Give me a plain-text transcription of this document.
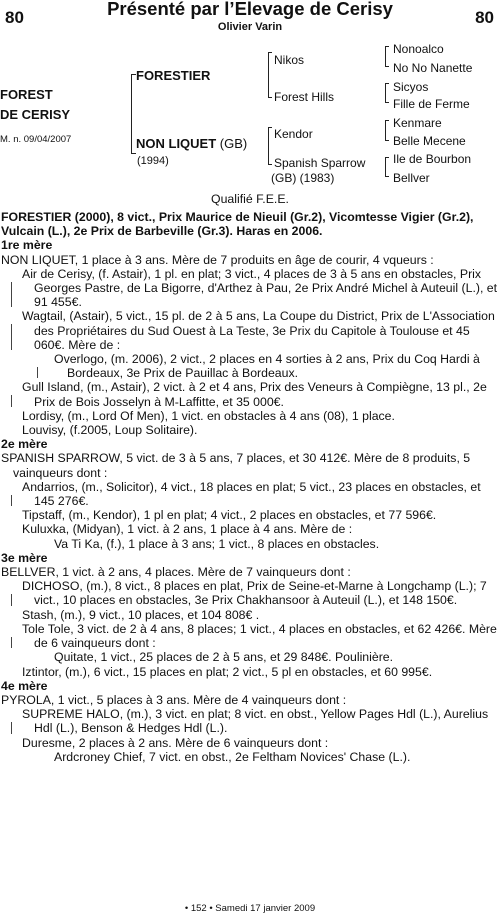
80	80
Présenté par l’Elevage de Cerisy
Olivier Varin
FOREST
DE CERISY
M. n. 09/04/2007
FORESTIER
NON LIQUET (GB)
(1994)
Nikos
Forest Hills
Kendor
Spanish Sparrow
(GB) (1983)
Nonoalco
No No Nanette
Sicyos
Fille de Ferme
Kenmare
Belle Mecene
Ile de Bourbon
Bellver
Qualifié F.E.E.

FORESTIER (2000), 8 vict., Prix Maurice de Nieuil (Gr.2), Vicomtesse Vigier (Gr.2), Vulcain (L.), 2e Prix de Barbeville (Gr.3). Haras en 2006.

1re mère

NON LIQUET, 1 place à 3 ans. Mère de 7 produits en âge de courir, 4 vqueurs :

Air de Cerisy, (f. Astair), 1 pl. en plat; 3 vict., 4 places de 3 à 5 ans en obstacles, Prix Georges Pastre, de La Bigorre, d'Arthez à Pau, 2e Prix André Michel à Auteuil (L.), et 91 455€.

Wagtail, (Astair), 5 vict., 15 pl. de 2 à 5 ans, La Coupe du District, Prix de L'Association des Propriétaires du Sud Ouest à La Teste, 3e Prix du Capitole à Toulouse et 45 060€. Mère de :

Overlogo, (m. 2006), 2 vict., 2 places en 4 sorties à 2 ans, Prix du Coq Hardi à Bordeaux, 3e Prix de Pauillac à Bordeaux.

Gull Island, (m., Astair), 2 vict. à 2 et 4 ans, Prix des Veneurs à Compiègne, 13 pl., 2e Prix de Bois Josselyn à M-Laffitte, et 35 000€.

Lordisy, (m., Lord Of Men), 1 vict. en obstacles à 4 ans (08), 1 place.

Louvisy, (f.2005, Loup Solitaire).

2e mère

SPANISH SPARROW, 5 vict. de 3 à 5 ans, 7 places, et 30 412€. Mère de 8 produits, 5 vainqueurs dont :

Andarrios, (m., Solicitor), 4 vict., 18 places en plat; 5 vict., 23 places en obstacles, et 145 276€.

Tipstaff, (m., Kendor), 1 pl en plat; 4 vict., 2 places en obstacles, et 77 596€.

Kuluxka, (Midyan), 1 vict. à 2 ans, 1 place à 4 ans. Mère de :

Va Ti Ka, (f.), 1 place à 3 ans; 1 vict., 8 places en obstacles.

3e mère

BELLVER, 1 vict. à 2 ans, 4 places. Mère de 7 vainqueurs dont :

DICHOSO, (m.), 8 vict., 8 places en plat, Prix de Seine-et-Marne à Longchamp (L.); 7 vict., 10 places en obstacles, 3e Prix Chakhansoor à Auteuil (L.), et 148 150€.

Stash, (m.), 9 vict., 10 places, et 104 808€ .

Tole Tole, 3 vict. de 2 à 4 ans, 8 places; 1 vict., 4 places en obstacles, et 62 426€. Mère de 6 vainqueurs dont :

Quitate, 1 vict., 25 places de 2 à 5 ans, et 29 848€. Poulinière.

Iztintor, (m.), 6 vict., 15 places en plat; 2 vict., 5 pl en obstacles, et 60 995€.

4e mère

PYROLA, 1 vict., 5 places à 3 ans. Mère de 4 vainqueurs dont :

SUPREME HALO, (m.), 3 vict. en plat; 8 vict. en obst., Yellow Pages Hdl (L.), Aurelius Hdl (L.), Benson & Hedges Hdl (L.).

Duresme, 2 places à 2 ans. Mère de 6 vainqueurs dont :

Ardcroney Chief, 7 vict. en obst., 2e Feltham Novices' Chase (L.).

• 152 • Samedi 17 janvier 2009
